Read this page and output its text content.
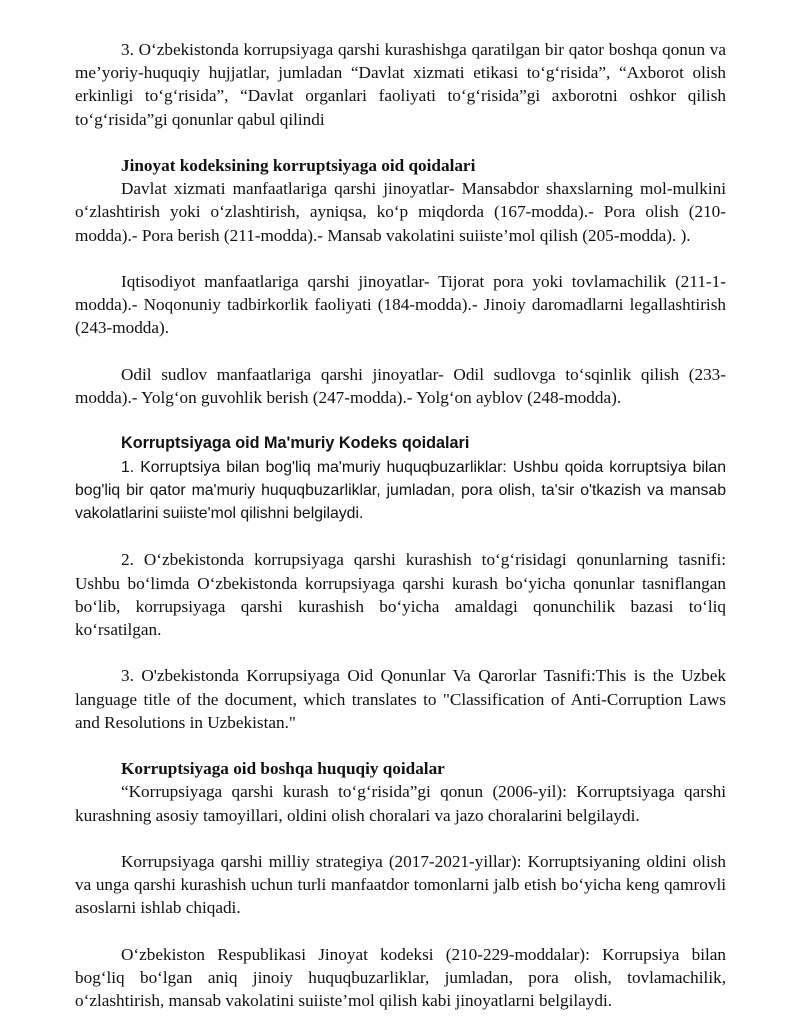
3. O‘zbekistonda korrupsiyaga qarshi kurashishga qaratilgan bir qator boshqa qonun va me’yoriy-huquqiy hujjatlar, jumladan “Davlat xizmati etikasi to‘g‘risida”, “Axborot olish erkinligi to‘g‘risida”, “Davlat organlari faoliyati to‘g‘risida”gi axborotni oshkor qilish to‘g‘risida”gi qonunlar qabul qilindi

Jinoyat kodeksining korruptsiyaga oid qoidalari

Davlat xizmati manfaatlariga qarshi jinoyatlar- Mansabdor shaxslarning mol-mulkini o‘zlashtirish yoki o‘zlashtirish, ayniqsa, ko‘p miqdorda (167-modda).- Pora olish (210-modda).- Pora berish (211-modda).- Mansab vakolatini suiiste’mol qilish (205-modda). ).

Iqtisodiyot manfaatlariga qarshi jinoyatlar- Tijorat pora yoki tovlamachilik (211-1-modda).- Noqonuniy tadbirkorlik faoliyati (184-modda).- Jinoiy daromadlarni legallashtirish (243-modda).

Odil sudlov manfaatlariga qarshi jinoyatlar- Odil sudlovga to‘sqinlik qilish (233-modda).- Yolg‘on guvohlik berish (247-modda).- Yolg‘on ayblov (248-modda).

Korruptsiyaga oid Ma'muriy Kodeks qoidalari

1. Korruptsiya bilan bog'liq ma'muriy huquqbuzarliklar: Ushbu qoida korruptsiya bilan bog'liq bir qator ma'muriy huquqbuzarliklar, jumladan, pora olish, ta'sir o'tkazish va mansab vakolatlarini suiiste'mol qilishni belgilaydi.

2. O‘zbekistonda korrupsiyaga qarshi kurashish to‘g‘risidagi qonunlarning tasnifi: Ushbu bo‘limda O‘zbekistonda korrupsiyaga qarshi kurash bo‘yicha qonunlar tasniflangan bo‘lib, korrupsiyaga qarshi kurashish bo‘yicha amaldagi qonunchilik bazasi to‘liq ko‘rsatilgan.

3. O'zbekistonda Korrupsiyaga Oid Qonunlar Va Qarorlar Tasnifi:This is the Uzbek language title of the document, which translates to "Classification of Anti-Corruption Laws and Resolutions in Uzbekistan."

Korruptsiyaga oid boshqa huquqiy qoidalar

“Korrupsiyaga qarshi kurash to‘g‘risida”gi qonun (2006-yil): Korruptsiyaga qarshi kurashning asosiy tamoyillari, oldini olish choralari va jazo choralarini belgilaydi.

Korrupsiyaga qarshi milliy strategiya (2017-2021-yillar): Korruptsiyaning oldini olish va unga qarshi kurashish uchun turli manfaatdor tomonlarni jalb etish bo‘yicha keng qamrovli asoslarni ishlab chiqadi.

O‘zbekiston Respublikasi Jinoyat kodeksi (210-229-moddalar): Korrupsiya bilan bog‘liq bo‘lgan aniq jinoiy huquqbuzarliklar, jumladan, pora olish, tovlamachilik, o‘zlashtirish, mansab vakolatini suiiste’mol qilish kabi jinoyatlarni belgilaydi.
